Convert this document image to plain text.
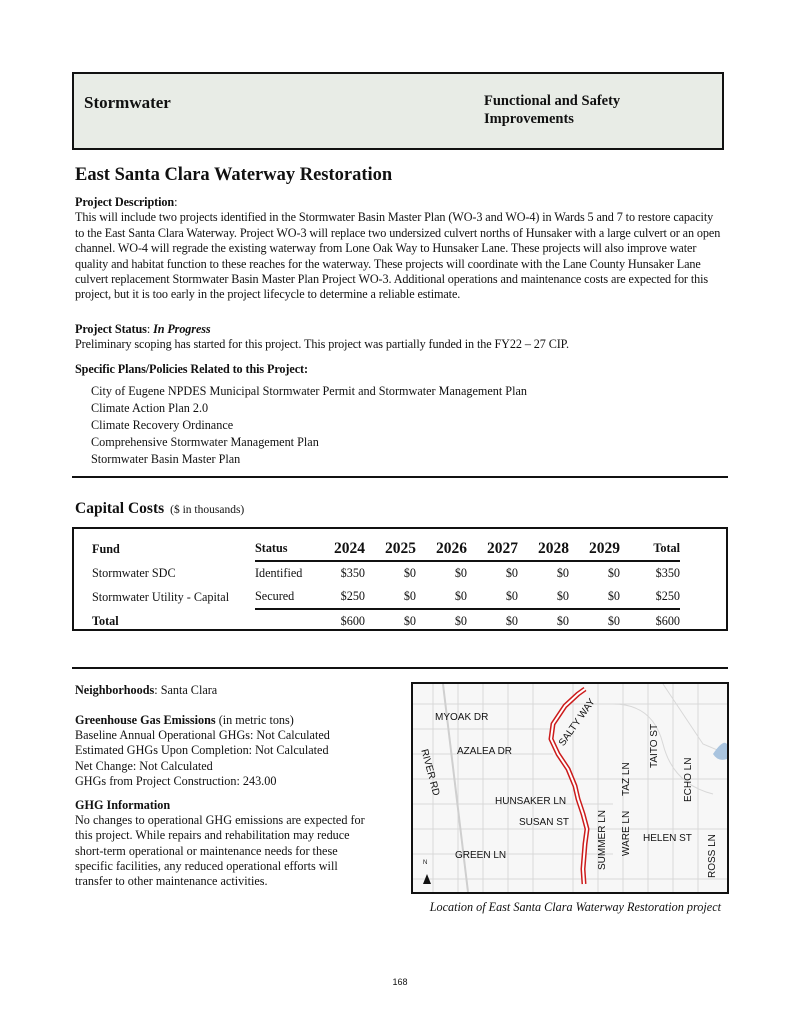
Stormwater	Functional and Safety Improvements
East Santa Clara Waterway Restoration
Project Description:
This will include two projects identified in the Stormwater Basin Master Plan (WO-3 and WO-4) in Wards 5 and 7 to restore capacity to the East Santa Clara Waterway. Project WO-3 will replace two undersized culvert norths of Hunsaker with a large culvert or an open channel. WO-4 will regrade the existing waterway from Lone Oak Way to Hunsaker Lane. These projects will also improve water quality and habitat function to these reaches for the waterway. These projects will coordinate with the Lane County Hunsaker Lane culvert replacement Stormwater Basin Master Plan Project WO-3. Additional operations and maintenance costs are expected for this project, but it is too early in the project lifecycle to determine a reliable estimate.
Project Status: In Progress
Preliminary scoping has started for this project. This project was partially funded in the FY22 – 27 CIP.
Specific Plans/Policies Related to this Project:
City of Eugene NPDES Municipal Stormwater Permit and Stormwater Management Plan
Climate Action Plan 2.0
Climate Recovery Ordinance
Comprehensive Stormwater Management Plan
Stormwater Basin Master Plan
Capital Costs ($ in thousands)
Fund	Status	2024	2025	2026	2027	2028	2029	Total
Stormwater SDC	Identified	$350	$0	$0	$0	$0	$0	$350
Stormwater Utility - Capital	Secured	$250	$0	$0	$0	$0	$0	$250
Total		$600	$0	$0	$0	$0	$0	$600
Neighborhoods: Santa Clara
Greenhouse Gas Emissions (in metric tons)
Baseline Annual Operational GHGs: Not Calculated
Estimated GHGs Upon Completion: Not Calculated
Net Change: Not Calculated
GHGs from Project Construction: 243.00
GHG Information
No changes to operational GHG emissions are expected for this project. While repairs and rehabilitation may reduce short-term operational or maintenance needs for these specific facilities, any reduced operational efforts will transfer to other maintenance activities.
MYOAK DR
AZALEA DR
RIVER RD
SALTY WAY
HUNSAKER LN
SUSAN ST
GREEN LN	SUMMER LN WARE LN
TAZ LN
TAITO ST
ECHO LN
HELEN ST ROSS LN
N
Location of East Santa Clara Waterway Restoration project
168
